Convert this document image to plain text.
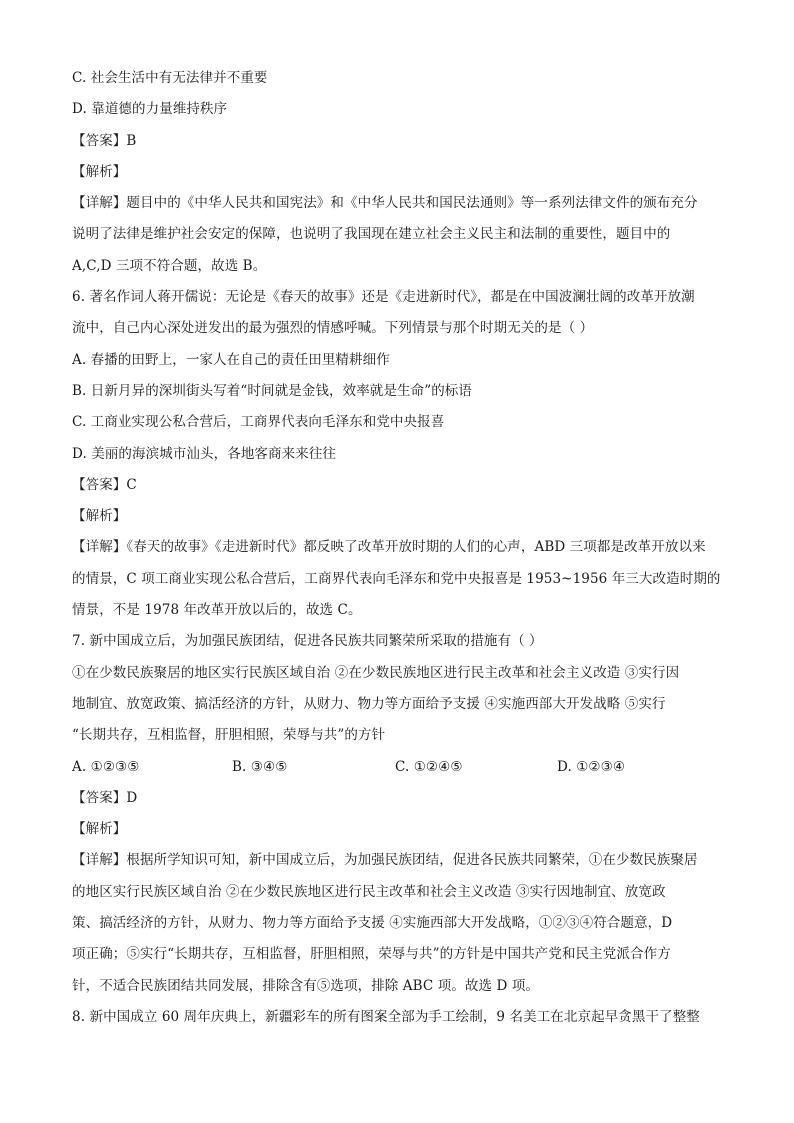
C. 社会生活中有无法律并不重要
D. 靠道德的力量维持秩序
【答案】B
【解析】
【详解】题目中的《中华人民共和国宪法》和《中华人民共和国民法通则》等一系列法律文件的颁布充分
说明了法律是维护社会安定的保障，也说明了我国现在建立社会主义民主和法制的重要性，题目中的
A,C,D 三项不符合题，故选 B。
6. 著名作词人蒋开儒说：无论是《春天的故事》还是《走进新时代》，都是在中国波澜壮阔的改革开放潮
流中，自己内心深处迸发出的最为强烈的情感呼喊。下列情景与那个时期无关的是（ ）
A. 春播的田野上，一家人在自己的责任田里精耕细作
B. 日新月异的深圳街头写着“时间就是金钱，效率就是生命”的标语
C. 工商业实现公私合营后，工商界代表向毛泽东和党中央报喜
D. 美丽的海滨城市汕头，各地客商来来往往
【答案】C
【解析】
【详解】《春天的故事》《走进新时代》都反映了改革开放时期的人们的心声，ABD 三项都是改革开放以来
的情景，C 项工商业实现公私合营后，工商界代表向毛泽东和党中央报喜是 1953~1956 年三大改造时期的
情景，不是 1978 年改革开放以后的，故选 C。
7. 新中国成立后，为加强民族团结，促进各民族共同繁荣所采取的措施有（ ）
①在少数民族聚居的地区实行民族区域自治 ②在少数民族地区进行民主改革和社会主义改造 ③实行因
地制宜、放宽政策、搞活经济的方针，从财力、物力等方面给予支援 ④实施西部大开发战略 ⑤实行
“长期共存，互相监督，肝胆相照，荣辱与共”的方针
A. ①②③⑤	B. ③④⑤	C. ①②④⑤	D. ①②③④
【答案】D
【解析】
【详解】根据所学知识可知，新中国成立后，为加强民族团结，促进各民族共同繁荣，①在少数民族聚居
的地区实行民族区域自治 ②在少数民族地区进行民主改革和社会主义改造 ③实行因地制宜、放宽政
策、搞活经济的方针，从财力、物力等方面给予支援 ④实施西部大开发战略，①②③④符合题意，D
项正确；⑤实行“长期共存，互相监督，肝胆相照，荣辱与共”的方针是中国共产党和民主党派合作方
针，不适合民族团结共同发展，排除含有⑤选项，排除 ABC 项。故选 D 项。
8. 新中国成立 60 周年庆典上，新疆彩车的所有图案全部为手工绘制，9 名美工在北京起早贪黑干了整整
